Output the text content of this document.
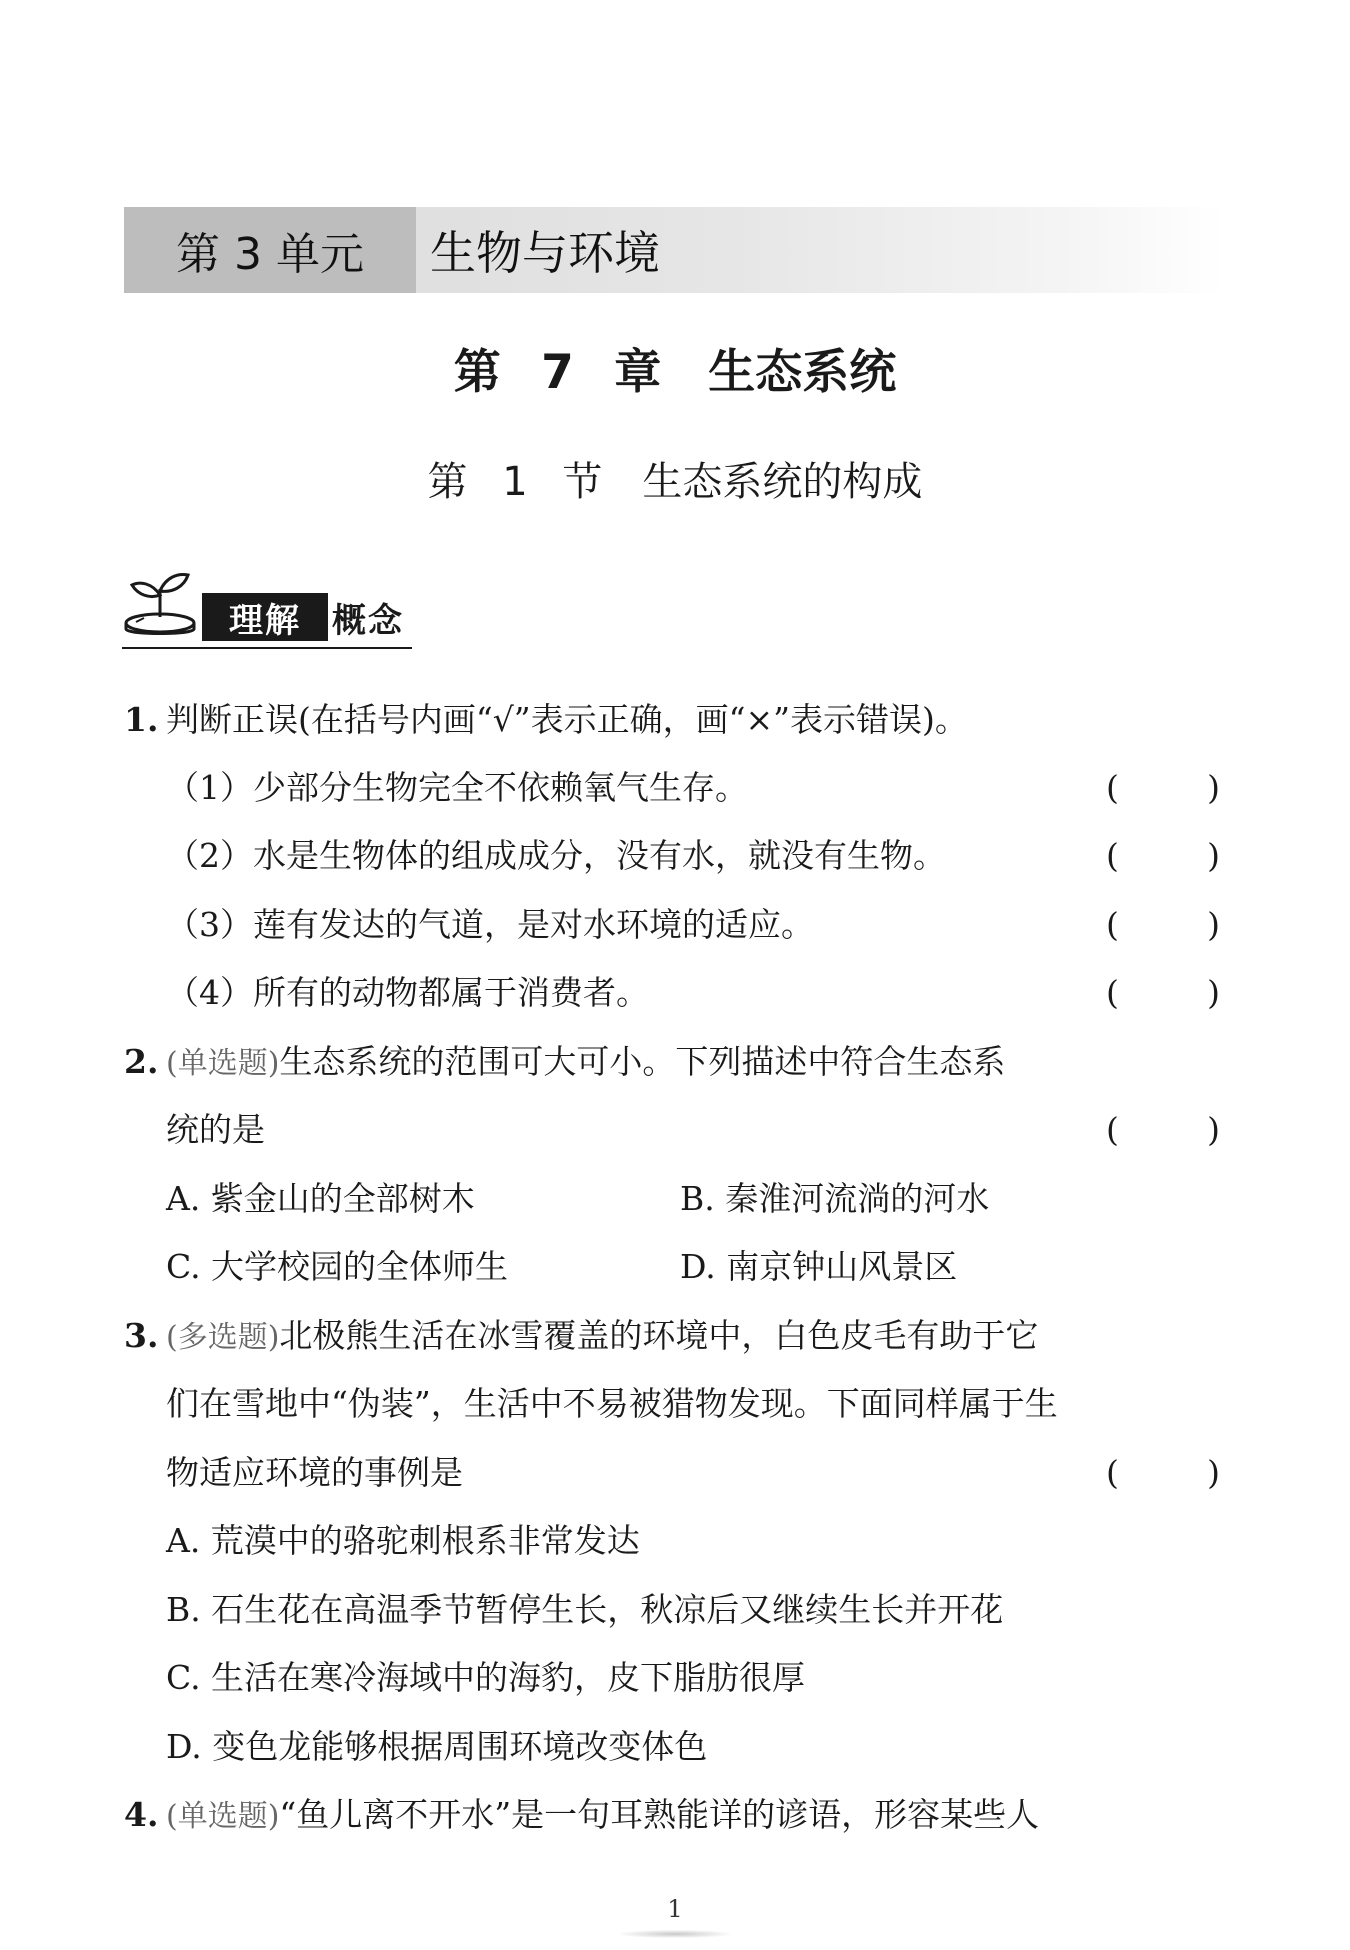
第 3 单元	生物与环境
第 7 章　生态系统
第 1 节　生态系统的构成
理解 概念
1. 判断正误(在括号内画“√”表示正确，画“×”表示错误)。
（1）少部分生物完全不依赖氧气生存。	(	)
（2）水是生物体的组成成分，没有水，就没有生物。	(	)
（3）莲有发达的气道，是对水环境的适应。	(	)
（4）所有的动物都属于消费者。	(	)
2. (单选题)生态系统的范围可大可小。下列描述中符合生态系
统的是	(	)
A. 紫金山的全部树木	B. 秦淮河流淌的河水
C. 大学校园的全体师生	D. 南京钟山风景区
3. (多选题)北极熊生活在冰雪覆盖的环境中，白色皮毛有助于它
们在雪地中“伪装”，生活中不易被猎物发现。下面同样属于生
物适应环境的事例是	(	)
A. 荒漠中的骆驼刺根系非常发达
B. 石生花在高温季节暂停生长，秋凉后又继续生长并开花
C. 生活在寒冷海域中的海豹，皮下脂肪很厚
D. 变色龙能够根据周围环境改变体色
4. (单选题)“鱼儿离不开水”是一句耳熟能详的谚语，形容某些人
1
